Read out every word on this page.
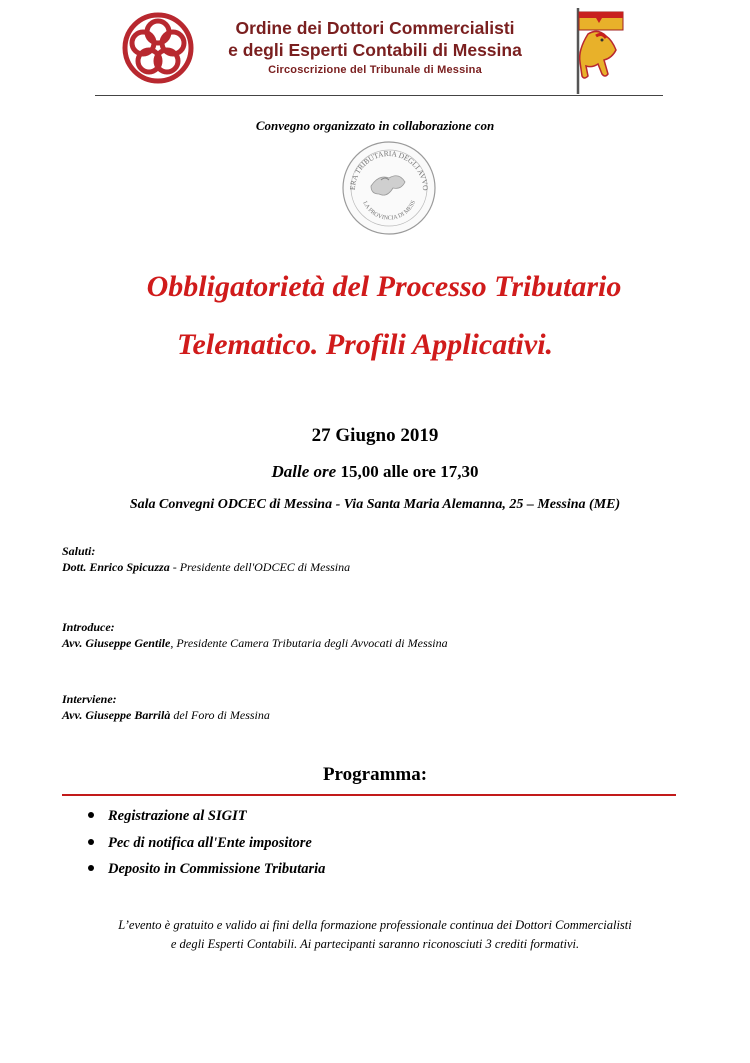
Ordine dei Dottori Commercialisti
e degli Esperti Contabili di Messina
Circoscrizione del Tribunale di Messina
Convegno organizzato in collaborazione con
ERA TRIBUTARIA DEGLI AVVO
LA PROVINCIA DI MESS
Obbligatorietà del Processo Tributario
Telematico. Profili Applicativi.
27 Giugno 2019
Dalle ore 15,00 alle ore 17,30
Sala Convegni ODCEC di Messina - Via Santa Maria Alemanna, 25 – Messina (ME)
Saluti:
Dott. Enrico Spicuzza - Presidente dell'ODCEC di Messina
Introduce:
Avv. Giuseppe Gentile, Presidente Camera Tributaria degli Avvocati di Messina
Interviene:
Avv. Giuseppe Barrilà del Foro di Messina
Programma:
Registrazione al SIGIT
Pec di notifica all'Ente impositore
Deposito in Commissione Tributaria
L’evento è gratuito e valido ai fini della formazione professionale continua dei Dottori Commercialisti
e degli Esperti Contabili. Ai partecipanti saranno riconosciuti 3 crediti formativi.
